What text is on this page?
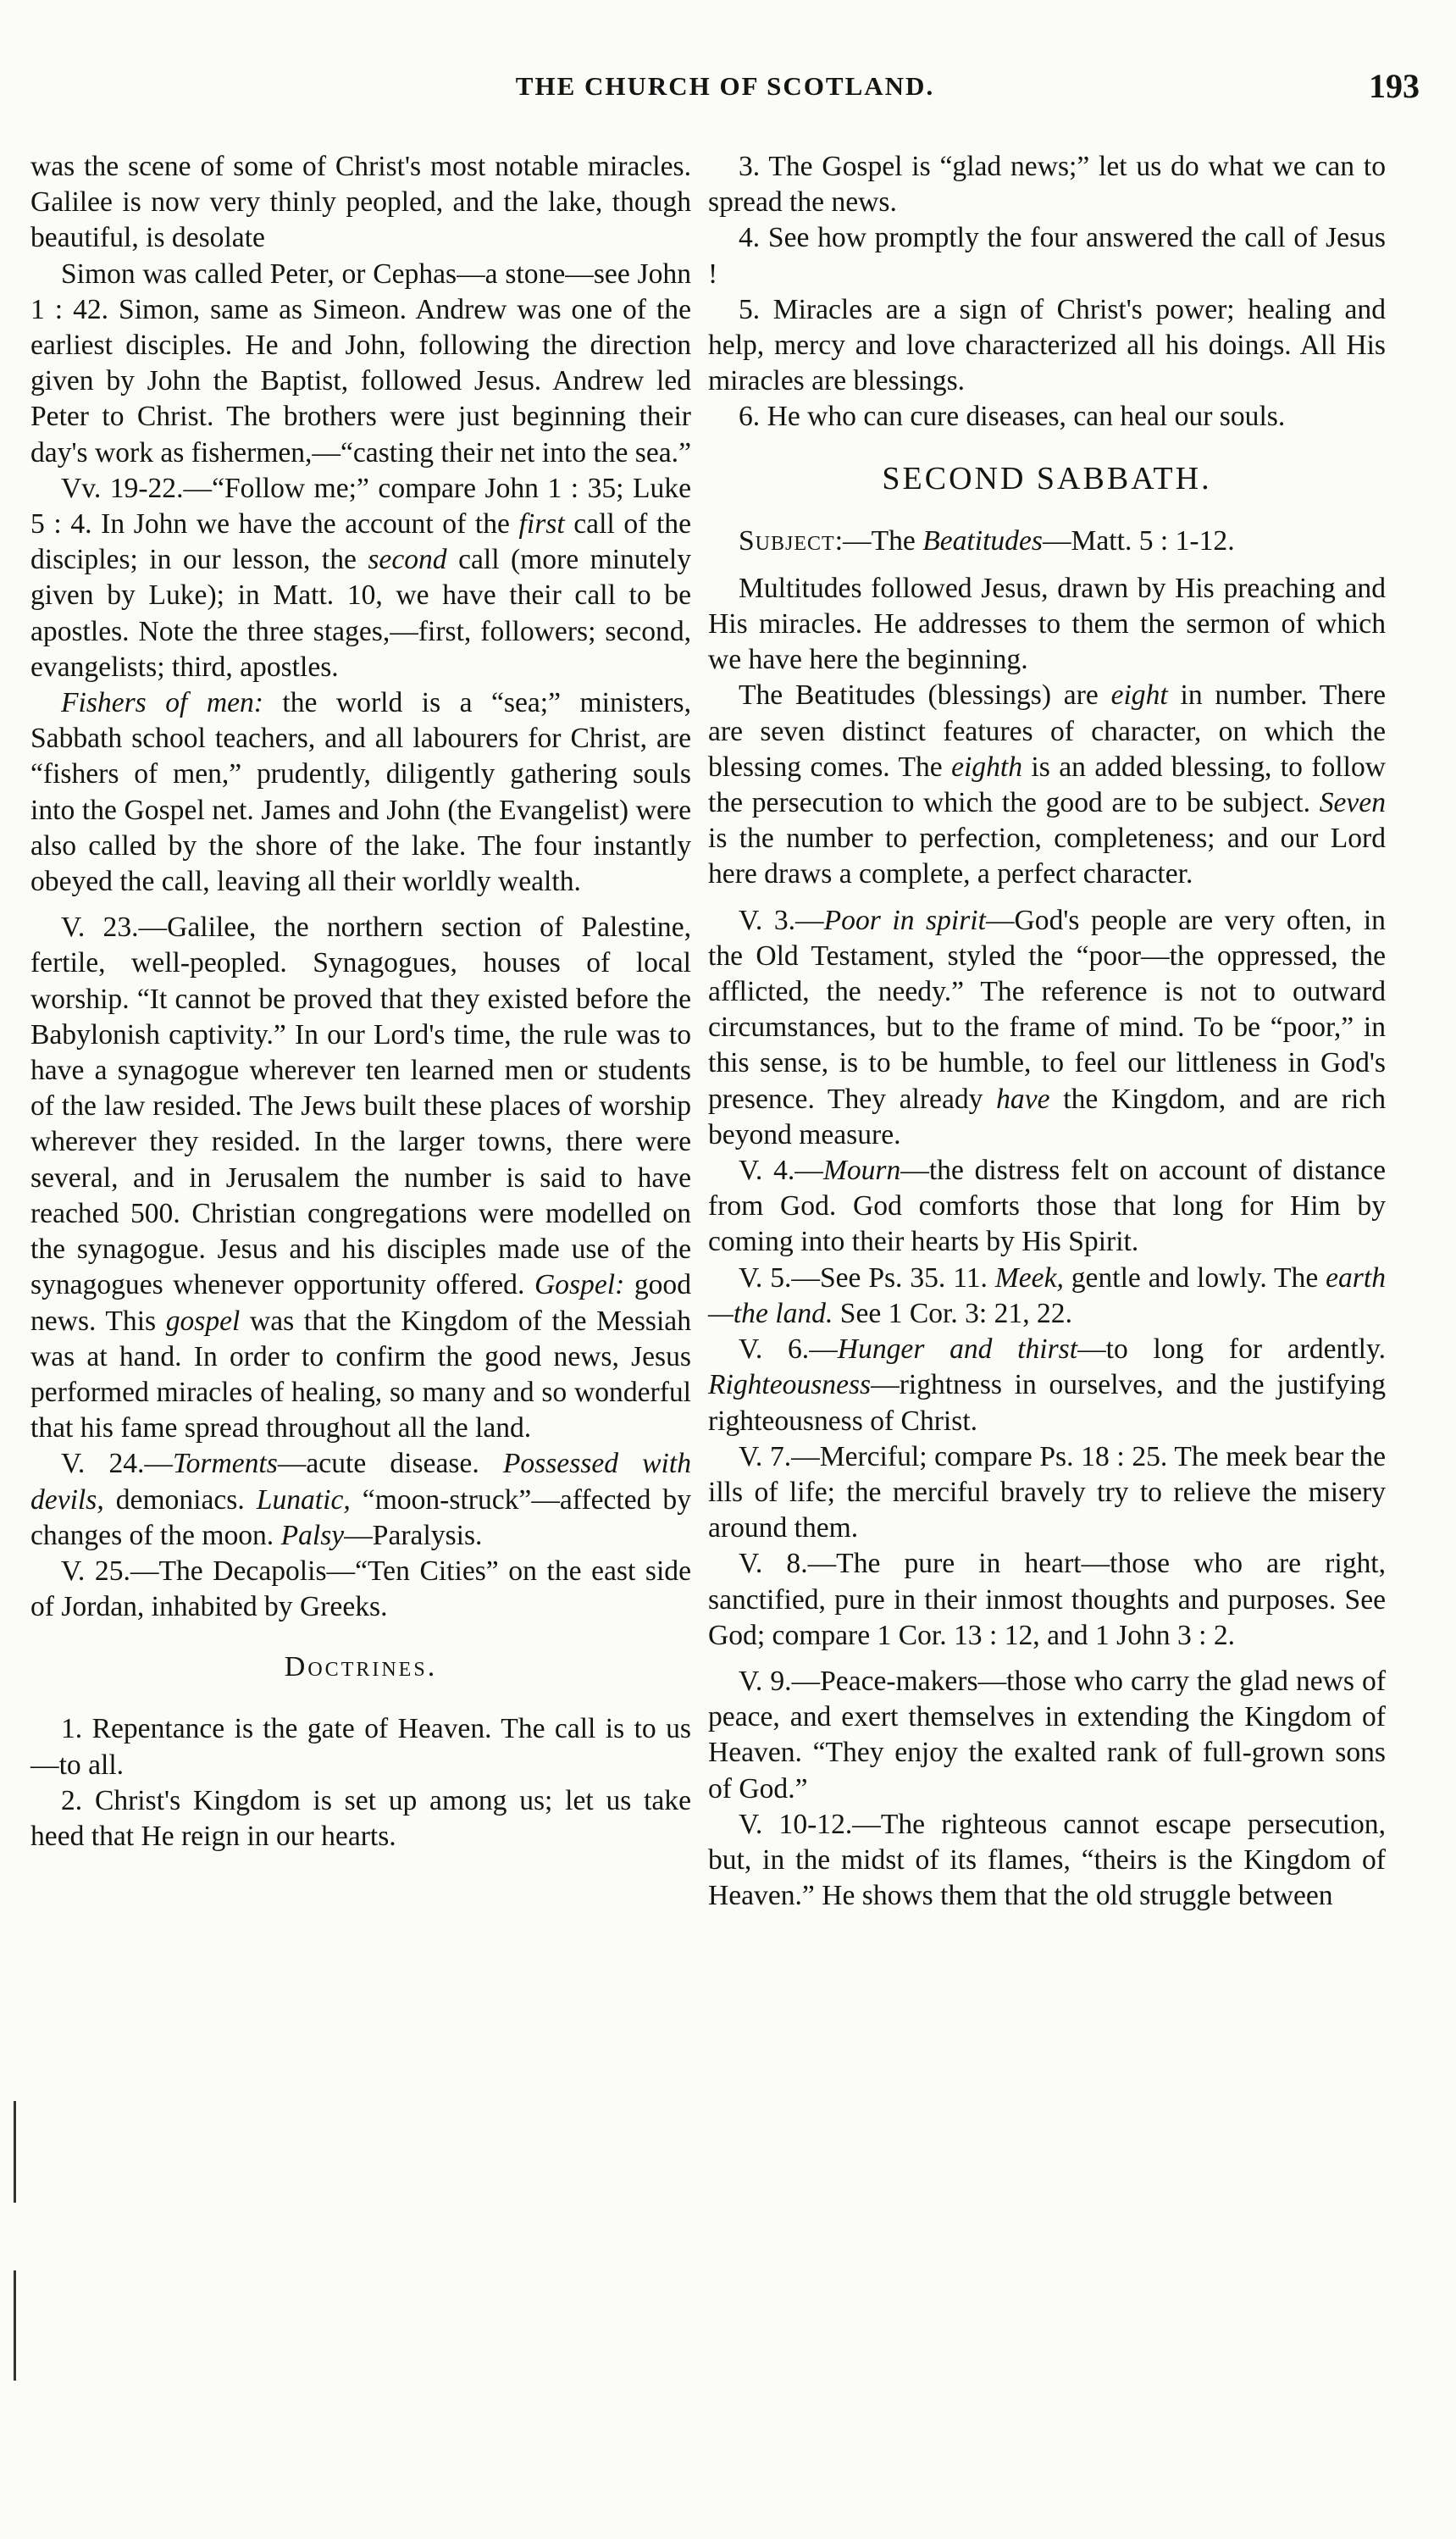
THE CHURCH OF SCOTLAND.	193

was the scene of some of Christ's most notable miracles. Galilee is now very thinly peopled, and the lake, though beautiful, is desolate

Simon was called Peter, or Cephas—a stone—see John 1 : 42. Simon, same as Simeon. Andrew was one of the earliest disciples. He and John, following the direction given by John the Baptist, followed Jesus. Andrew led Peter to Christ. The brothers were just beginning their day's work as fishermen,—“casting their net into the sea.”

Vv. 19-22.—“Follow me;” compare John 1 : 35; Luke 5 : 4. In John we have the account of the first call of the disciples; in our lesson, the second call (more minutely given by Luke); in Matt. 10, we have their call to be apostles. Note the three stages,—first, followers; second, evangelists; third, apostles.

Fishers of men: the world is a “sea;” ministers, Sabbath school teachers, and all labourers for Christ, are “fishers of men,” prudently, diligently gathering souls into the Gospel net. James and John (the Evangelist) were also called by the shore of the lake. The four instantly obeyed the call, leaving all their worldly wealth.

V. 23.—Galilee, the northern section of Palestine, fertile, well-peopled. Synagogues, houses of local worship. “It cannot be proved that they existed before the Babylonish captivity.” In our Lord's time, the rule was to have a synagogue wherever ten learned men or students of the law resided. The Jews built these places of worship wherever they resided. In the larger towns, there were several, and in Jerusalem the number is said to have reached 500. Christian congregations were modelled on the synagogue. Jesus and his disciples made use of the synagogues whenever opportunity offered. Gospel: good news. This gospel was that the Kingdom of the Messiah was at hand. In order to confirm the good news, Jesus performed miracles of healing, so many and so wonderful that his fame spread throughout all the land.

V. 24.—Torments—acute disease. Possessed with devils, demoniacs. Lunatic, “moon-struck”—affected by changes of the moon. Palsy—Paralysis.

V. 25.—The Decapolis—“Ten Cities” on the east side of Jordan, inhabited by Greeks.

Doctrines.

1. Repentance is the gate of Heaven. The call is to us—to all.

2. Christ's Kingdom is set up among us; let us take heed that He reign in our hearts.

3. The Gospel is “glad news;” let us do what we can to spread the news.

4. See how promptly the four answered the call of Jesus !

5. Miracles are a sign of Christ's power; healing and help, mercy and love characterized all his doings. All His miracles are blessings.

6. He who can cure diseases, can heal our souls.

SECOND SABBATH.

Subject:—The Beatitudes—Matt. 5 : 1-12.

Multitudes followed Jesus, drawn by His preaching and His miracles. He addresses to them the sermon of which we have here the beginning.

The Beatitudes (blessings) are eight in number. There are seven distinct features of character, on which the blessing comes. The eighth is an added blessing, to follow the persecution to which the good are to be subject. Seven is the number to perfection, completeness; and our Lord here draws a complete, a perfect character.

V. 3.—Poor in spirit—God's people are very often, in the Old Testament, styled the “poor—the oppressed, the afflicted, the needy.” The reference is not to outward circumstances, but to the frame of mind. To be “poor,” in this sense, is to be humble, to feel our littleness in God's presence. They already have the Kingdom, and are rich beyond measure.

V. 4.—Mourn—the distress felt on account of distance from God. God comforts those that long for Him by coming into their hearts by His Spirit.

V. 5.—See Ps. 35. 11. Meek, gentle and lowly. The earth—the land. See 1 Cor. 3: 21, 22.

V. 6.—Hunger and thirst—to long for ardently. Righteousness—rightness in ourselves, and the justifying righteousness of Christ.

V. 7.—Merciful; compare Ps. 18 : 25. The meek bear the ills of life; the merciful bravely try to relieve the misery around them.

V. 8.—The pure in heart—those who are right, sanctified, pure in their inmost thoughts and purposes. See God; compare 1 Cor. 13 : 12, and 1 John 3 : 2.

V. 9.—Peace-makers—those who carry the glad news of peace, and exert themselves in extending the Kingdom of Heaven. “They enjoy the exalted rank of full-grown sons of God.”

V. 10-12.—The righteous cannot escape persecution, but, in the midst of its flames, “theirs is the Kingdom of Heaven.” He shows them that the old struggle between
